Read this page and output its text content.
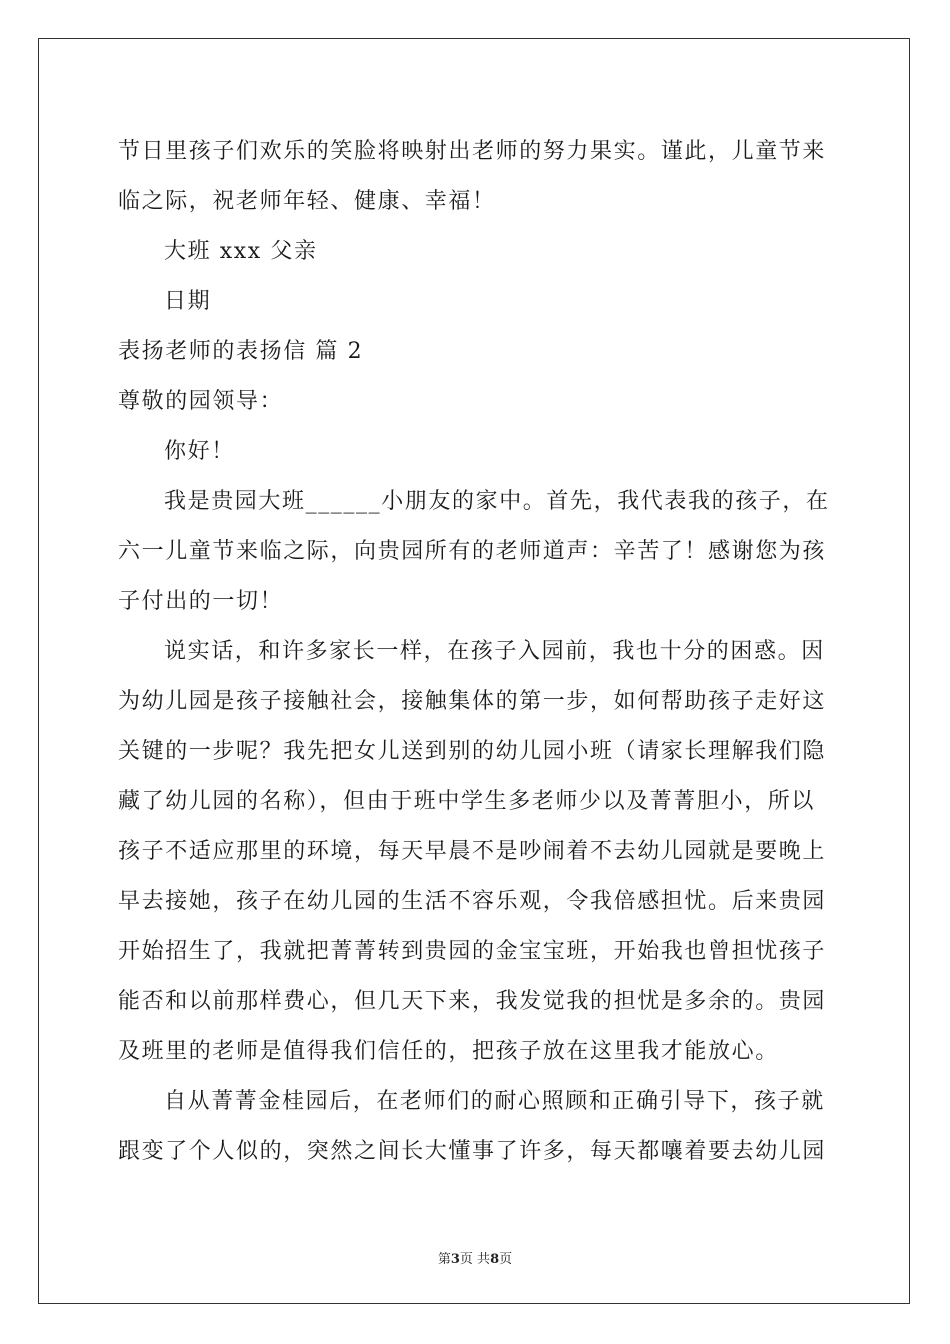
节日里孩子们欢乐的笑脸将映射出老师的努力果实。谨此，儿童节来
临之际，祝老师年轻、健康、幸福！
大班 xxx 父亲
日期
表扬老师的表扬信 篇 2
尊敬的园领导：
你好！
我是贵园大班______小朋友的家中。首先，我代表我的孩子，在
六一儿童节来临之际，向贵园所有的老师道声：辛苦了！感谢您为孩
子付出的一切！
说实话，和许多家长一样，在孩子入园前，我也十分的困惑。因
为幼儿园是孩子接触社会，接触集体的第一步，如何帮助孩子走好这
关键的一步呢？我先把女儿送到别的幼儿园小班（请家长理解我们隐
藏了幼儿园的名称），但由于班中学生多老师少以及菁菁胆小，所以
孩子不适应那里的环境，每天早晨不是吵闹着不去幼儿园就是要晚上
早去接她，孩子在幼儿园的生活不容乐观，令我倍感担忧。后来贵园
开始招生了，我就把菁菁转到贵园的金宝宝班，开始我也曾担忧孩子
能否和以前那样费心，但几天下来，我发觉我的担忧是多余的。贵园
及班里的老师是值得我们信任的，把孩子放在这里我才能放心。
自从菁菁金桂园后，在老师们的耐心照顾和正确引导下，孩子就
跟变了个人似的，突然之间长大懂事了许多，每天都嚷着要去幼儿园
第3页 共8页
